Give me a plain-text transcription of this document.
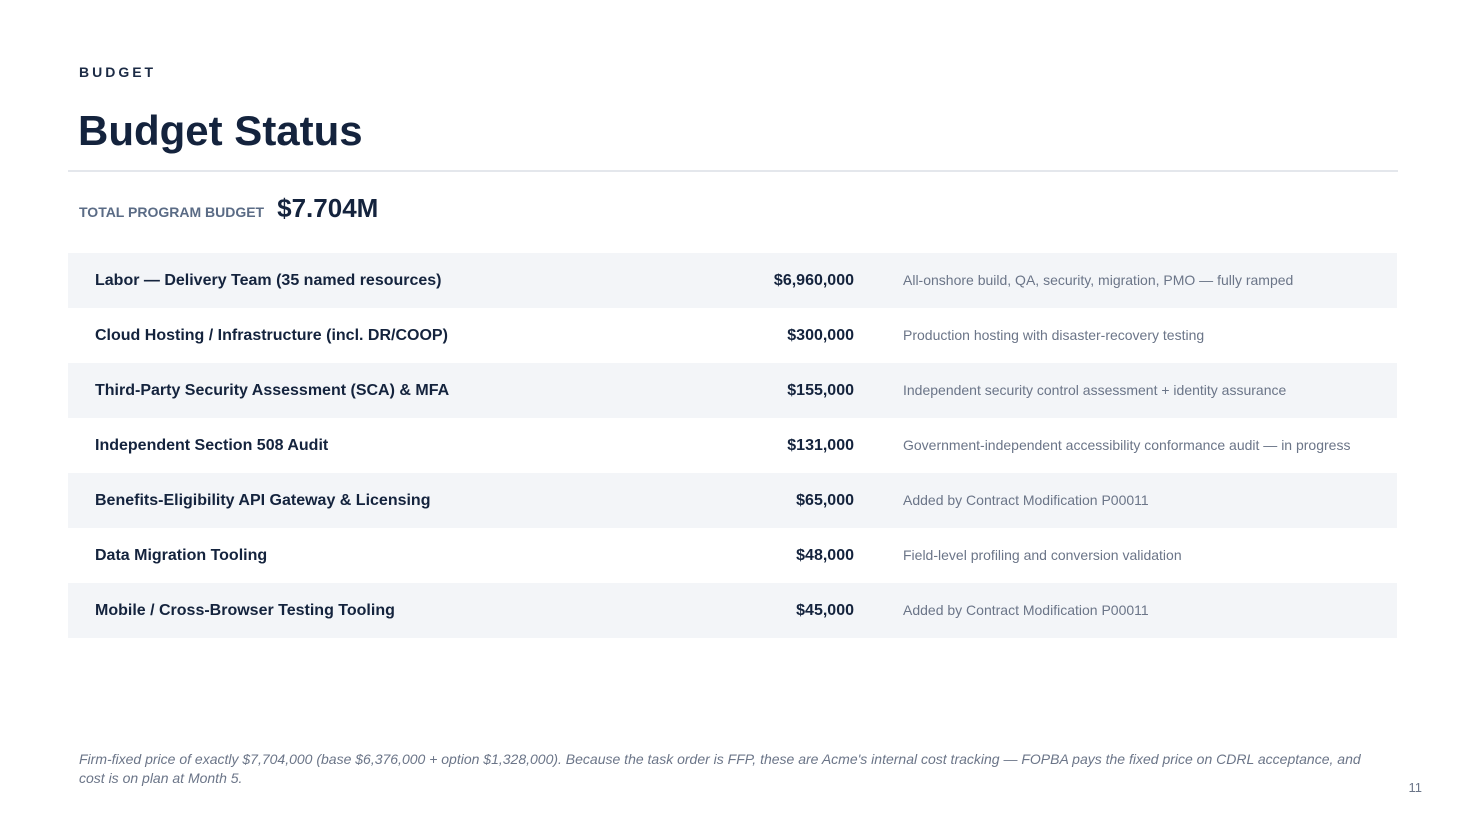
BUDGET
Budget Status
TOTAL PROGRAM BUDGET $7.704M
Labor — Delivery Team (35 named resources)	$6,960,000	All-onshore build, QA, security, migration, PMO — fully ramped
Cloud Hosting / Infrastructure (incl. DR/COOP)	$300,000	Production hosting with disaster-recovery testing
Third-Party Security Assessment (SCA) & MFA	$155,000	Independent security control assessment + identity assurance
Independent Section 508 Audit	$131,000	Government-independent accessibility conformance audit — in progress
Benefits-Eligibility API Gateway & Licensing	$65,000	Added by Contract Modification P00011
Data Migration Tooling	$48,000	Field-level profiling and conversion validation
Mobile / Cross-Browser Testing Tooling	$45,000	Added by Contract Modification P00011
Firm-fixed price of exactly $7,704,000 (base $6,376,000 + option $1,328,000). Because the task order is FFP, these are Acme's internal cost tracking — FOPBA pays the fixed price on CDRL acceptance, and cost is on plan at Month 5.
11
